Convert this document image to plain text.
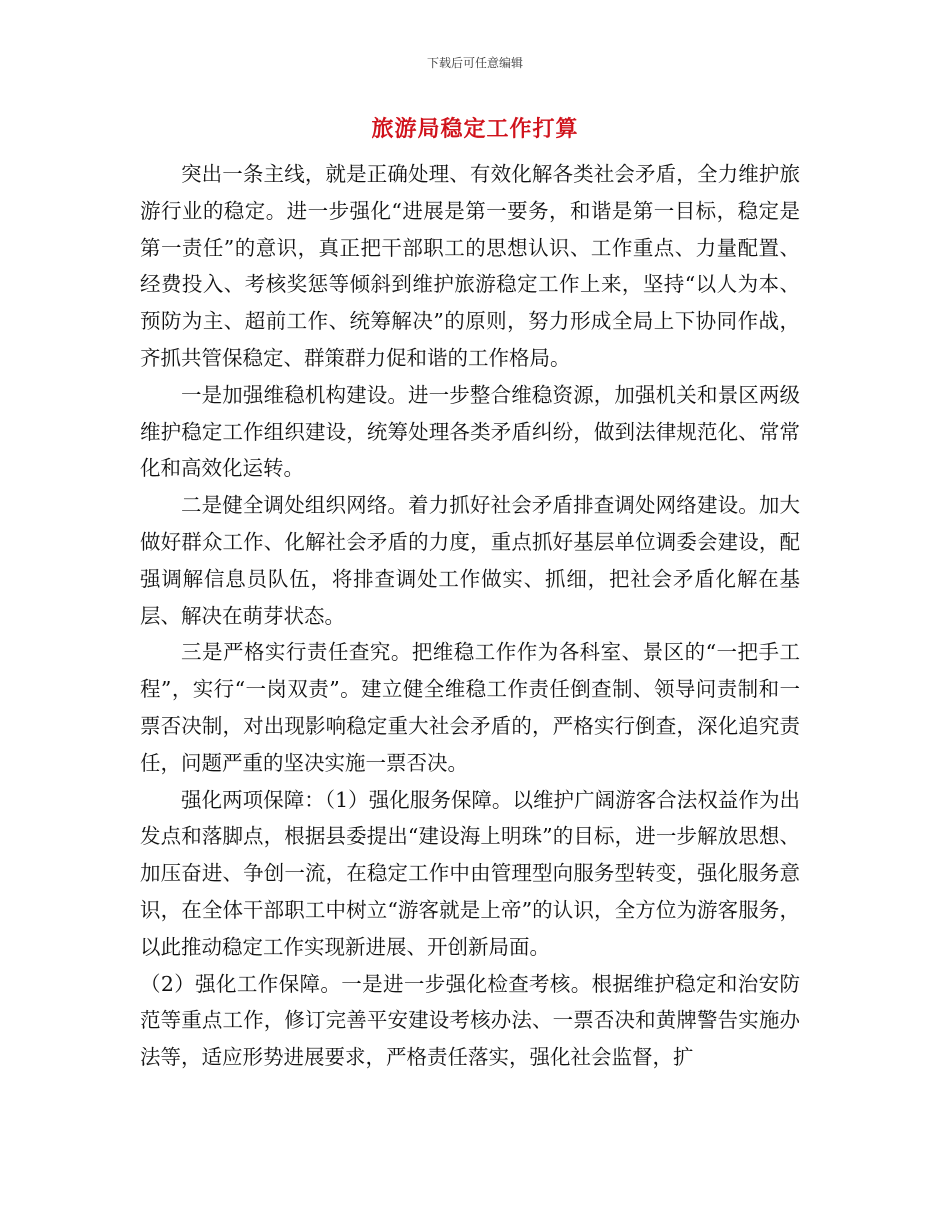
下载后可任意编辑
旅游局稳定工作打算

突出一条主线，就是正确处理、有效化解各类社会矛盾，全力维护旅游行业的稳定。进一步强化“进展是第一要务，和谐是第一目标，稳定是第一责任”的意识，真正把干部职工的思想认识、工作重点、力量配置、经费投入、考核奖惩等倾斜到维护旅游稳定工作上来，坚持“以人为本、预防为主、超前工作、统筹解决”的原则，努力形成全局上下协同作战，齐抓共管保稳定、群策群力促和谐的工作格局。

一是加强维稳机构建设。进一步整合维稳资源，加强机关和景区两级维护稳定工作组织建设，统筹处理各类矛盾纠纷，做到法律规范化、常常化和高效化运转。

二是健全调处组织网络。着力抓好社会矛盾排查调处网络建设。加大做好群众工作、化解社会矛盾的力度，重点抓好基层单位调委会建设，配强调解信息员队伍，将排查调处工作做实、抓细，把社会矛盾化解在基层、解决在萌芽状态。

三是严格实行责任查究。把维稳工作作为各科室、景区的“一把手工程”，实行“一岗双责”。建立健全维稳工作责任倒查制、领导问责制和一票否决制，对出现影响稳定重大社会矛盾的，严格实行倒查，深化追究责任，问题严重的坚决实施一票否决。

强化两项保障：（1）强化服务保障。以维护广阔游客合法权益作为出发点和落脚点，根据县委提出“建设海上明珠”的目标，进一步解放思想、加压奋进、争创一流，在稳定工作中由管理型向服务型转变，强化服务意识，在全体干部职工中树立“游客就是上帝”的认识，全方位为游客服务，以此推动稳定工作实现新进展、开创新局面。

（2）强化工作保障。一是进一步强化检查考核。根据维护稳定和治安防范等重点工作，修订完善平安建设考核办法、一票否决和黄牌警告实施办法等，适应形势进展要求，严格责任落实，强化社会监督，扩
